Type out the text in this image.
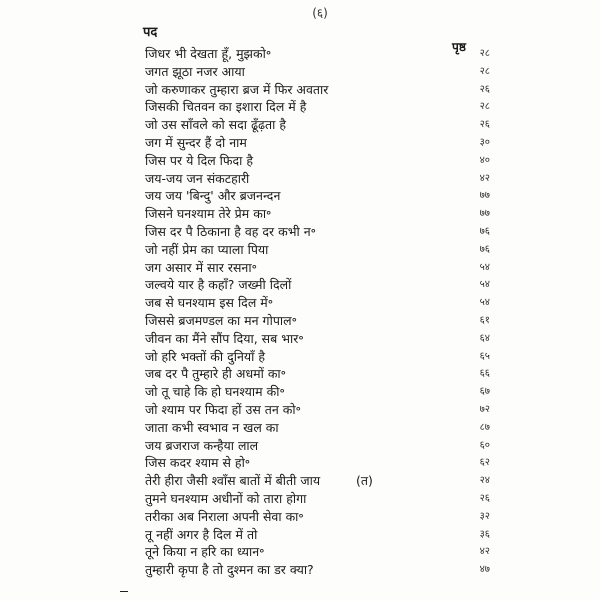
(६)
पद
पृष्ठ
जिधर भी देखता हूँ, मुझको॰	२८
जगत झूठा नजर आया	२८
जो करुणाकर तुम्हारा ब्रज में फिर अवतार	२६
जिसकी चितवन का इशारा दिल में है	२८
जो उस साँवले को सदा ढूँढ़ता है	२६
जग में सुन्दर हैं दो नाम	३०
जिस पर ये दिल फिदा है	४०
जय-जय जन संकटहारी	४२
जय जय 'बिन्दु' और ब्रजनन्दन	७७
जिसने घनश्याम तेरे प्रेम का॰	७७
जिस दर पै ठिकाना है वह दर कभी न॰	७६
जो नहीं प्रेम का प्याला पिया	७६
जग असार में सार रसना॰	५४
जल्वये यार है कहाँ? जख्मी दिलों	५४
जब से घनश्याम इस दिल में॰	५४
जिससे ब्रजमण्डल का मन गोपाल॰	६१
जीवन का मैंने सौंप दिया, सब भार॰	६४
जो हरि भक्तों की दुनियाँ है	६५
जब दर पै तुम्हारे ही अधमों का॰	६६
जो तू चाहे कि हो घनश्याम की॰	६७
जो श्याम पर फिदा हों उस तन को॰	७२
जाता कभी स्वभाव न खल का	८७
जय ब्रजराज कन्हैया लाल	६०
जिस कदर श्याम से हो॰	६२
तेरी हीरा जैसी श्वाँस बातों में बीती जाय	(त)	२४
तुमने घनश्याम अधीनों को तारा होगा	२६
तरीका अब निराला अपनी सेवा का॰	३२
तू नहीं अगर है दिल में तो	३६
तूने किया न हरि का ध्यान॰	४२
तुम्हारी कृपा है तो दुश्मन का डर क्या?	४७
